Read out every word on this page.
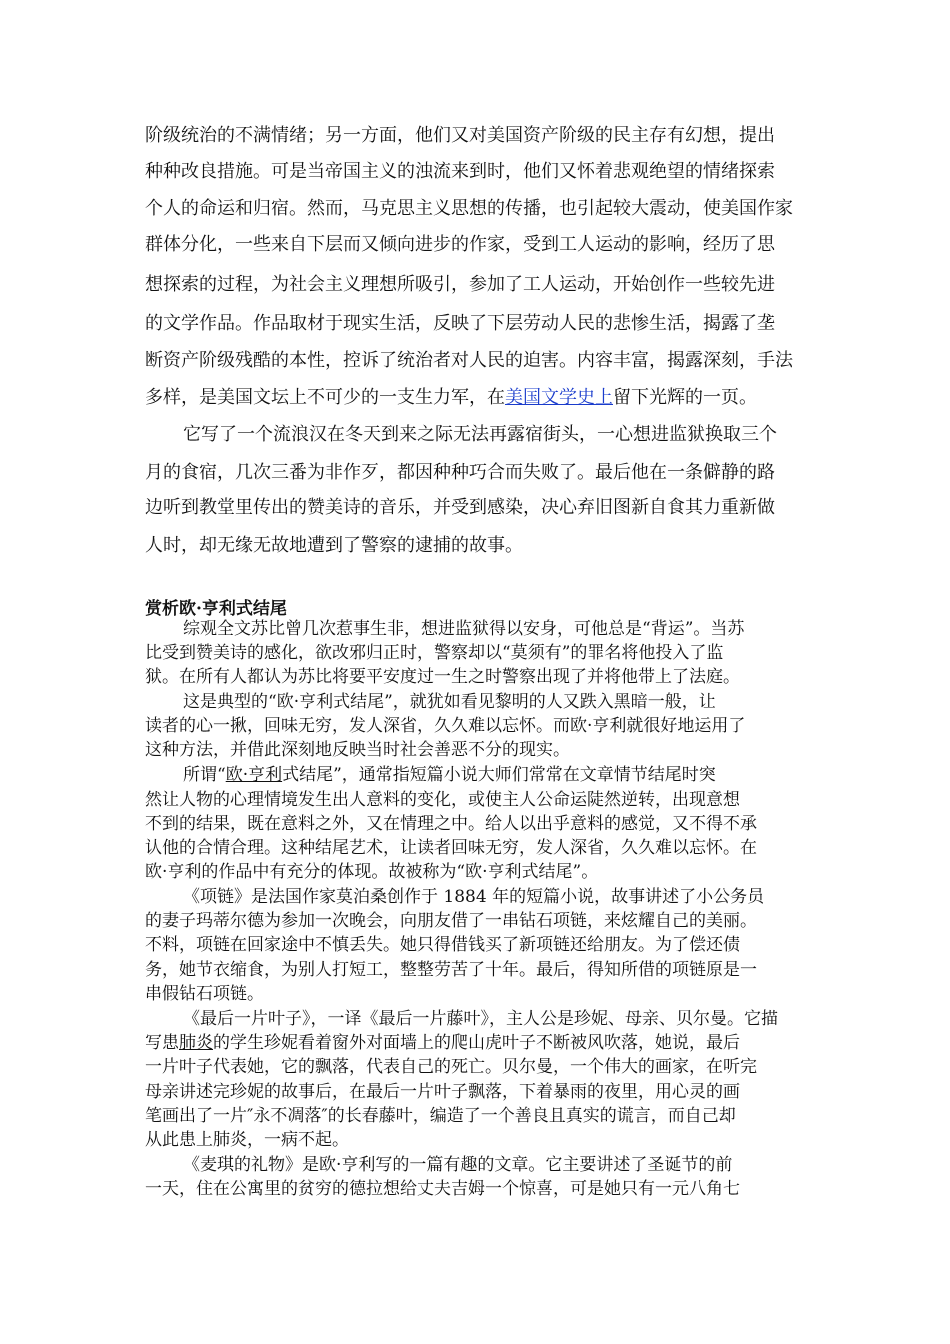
阶级统治的不满情绪；另一方面，他们又对美国资产阶级的民主存有幻想，提出
种种改良措施。可是当帝国主义的浊流来到时，他们又怀着悲观绝望的情绪探索
个人的命运和归宿。然而，马克思主义思想的传播，也引起较大震动，使美国作家
群体分化，一些来自下层而又倾向进步的作家，受到工人运动的影响，经历了思
想探索的过程，为社会主义理想所吸引，参加了工人运动，开始创作一些较先进
的文学作品。作品取材于现实生活，反映了下层劳动人民的悲惨生活，揭露了垄
断资产阶级残酷的本性，控诉了统治者对人民的迫害。内容丰富，揭露深刻，手法
多样，是美国文坛上不可少的一支生力军，在美国文学史上留下光辉的一页。
它写了一个流浪汉在冬天到来之际无法再露宿街头，一心想进监狱换取三个
月的食宿，几次三番为非作歹，都因种种巧合而失败了。最后他在一条僻静的路
边听到教堂里传出的赞美诗的音乐，并受到感染，决心弃旧图新自食其力重新做
人时，却无缘无故地遭到了警察的逮捕的故事。
赏析欧·亨利式结尾
综观全文苏比曾几次惹事生非，想进监狱得以安身，可他总是“背运”。当苏
比受到赞美诗的感化，欲改邪归正时，警察却以“莫须有”的罪名将他投入了监
狱。在所有人都认为苏比将要平安度过一生之时警察出现了并将他带上了法庭。
这是典型的“欧·亨利式结尾”，就犹如看见黎明的人又跌入黑暗一般，让
读者的心一揪，回味无穷，发人深省，久久难以忘怀。而欧·亨利就很好地运用了
这种方法，并借此深刻地反映当时社会善恶不分的现实。
所谓“欧·亨利式结尾”，通常指短篇小说大师们常常在文章情节结尾时突
然让人物的心理情境发生出人意料的变化，或使主人公命运陡然逆转，出现意想
不到的结果，既在意料之外，又在情理之中。给人以出乎意料的感觉，又不得不承
认他的合情合理。这种结尾艺术，让读者回味无穷，发人深省，久久难以忘怀。在
欧·亨利的作品中有充分的体现。故被称为“欧·亨利式结尾”。
《项链》是法国作家莫泊桑创作于 1884 年的短篇小说，故事讲述了小公务员
的妻子玛蒂尔德为参加一次晚会，向朋友借了一串钻石项链，来炫耀自己的美丽。
不料，项链在回家途中不慎丢失。她只得借钱买了新项链还给朋友。为了偿还债
务，她节衣缩食，为别人打短工，整整劳苦了十年。最后，得知所借的项链原是一
串假钻石项链。
《最后一片叶子》，一译《最后一片藤叶》，主人公是珍妮、母亲、贝尔曼。它描
写患肺炎的学生珍妮看着窗外对面墙上的爬山虎叶子不断被风吹落，她说，最后
一片叶子代表她，它的飘落，代表自己的死亡。贝尔曼，一个伟大的画家，在听完
母亲讲述完珍妮的故事后，在最后一片叶子飘落，下着暴雨的夜里，用心灵的画
笔画出了一片″永不凋落″的长春藤叶，编造了一个善良且真实的谎言，而自己却
从此患上肺炎，一病不起。
《麦琪的礼物》是欧·亨利写的一篇有趣的文章。它主要讲述了圣诞节的前
一天，住在公寓里的贫穷的德拉想给丈夫吉姆一个惊喜，可是她只有一元八角七
